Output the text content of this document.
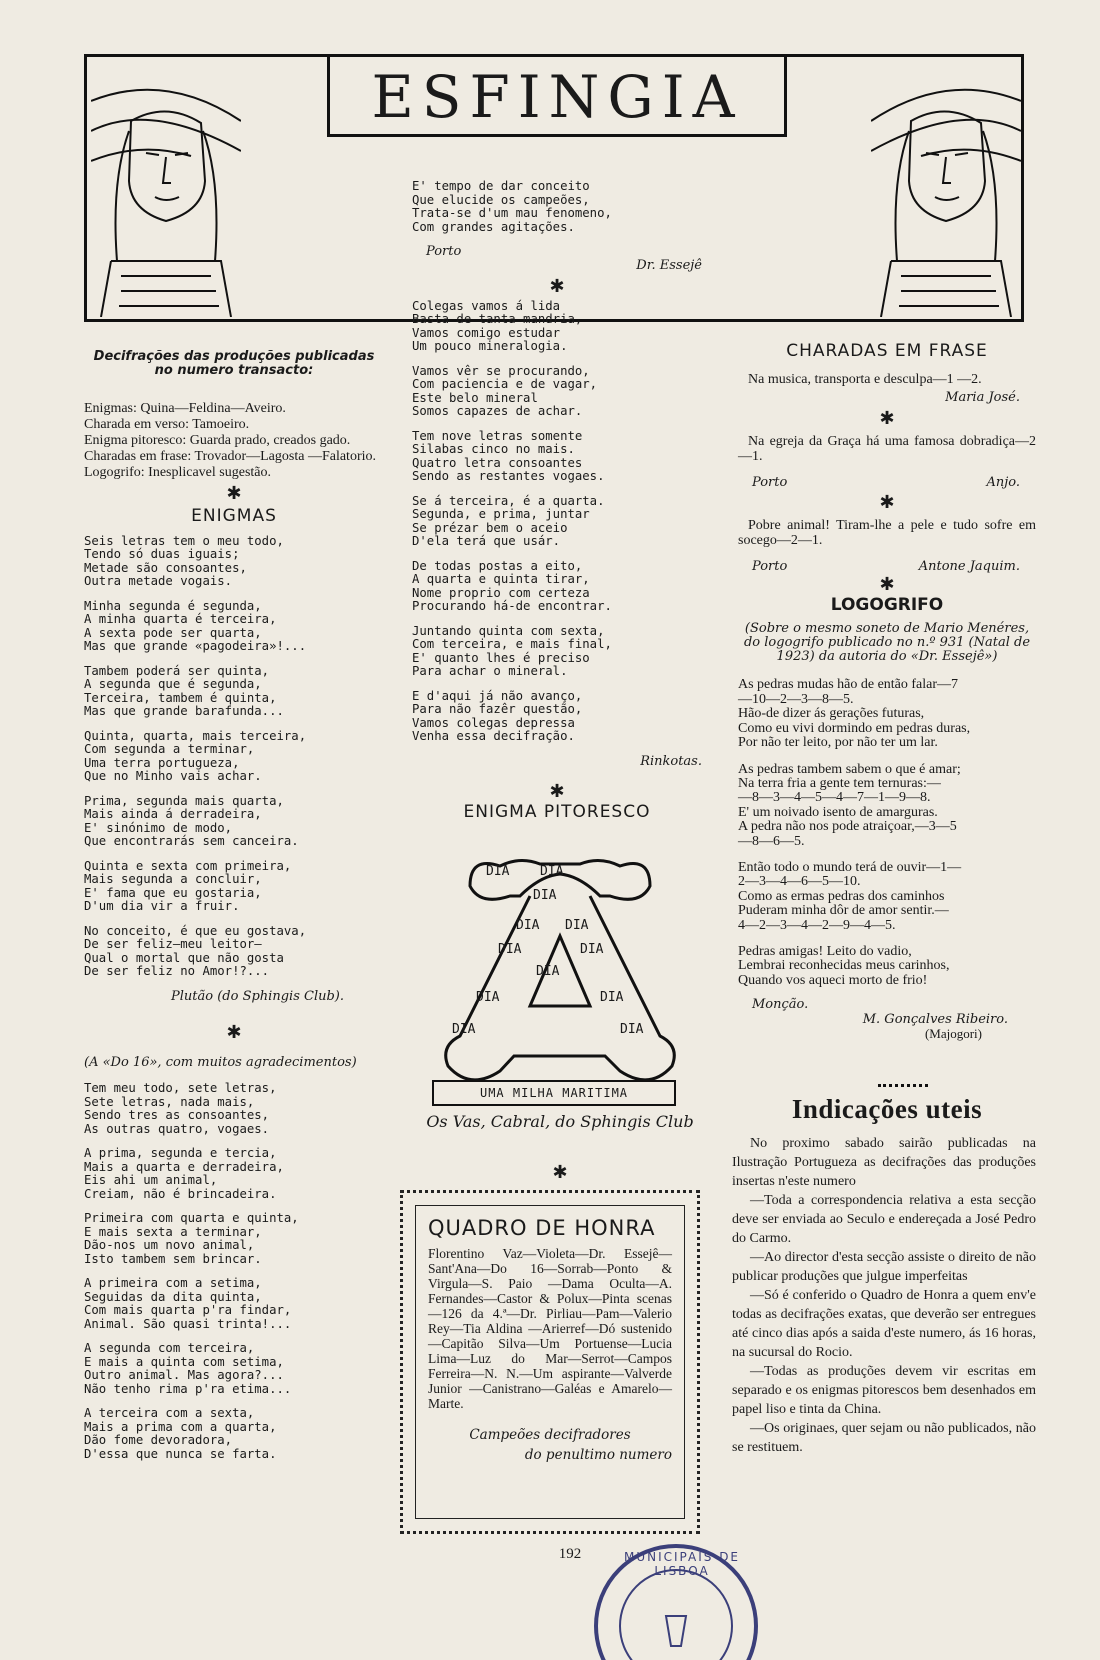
ESFINGIA
Decifrações das produções publicadas no numero transacto:
Enigmas: Quina—Feldina—Aveiro.
Charada em verso: Tamoeiro.
Enigma pitoresco: Guarda prado, creados gado.
Charadas em frase: Trovador—Lagosta —Falatorio.
Logogrifo: Inesplicavel sugestão.
✱
ENIGMAS
Seis letras tem o meu todo,
Tendo só duas iguais;
Metade são consoantes,
Outra metade vogais.
Minha segunda é segunda,
A minha quarta é terceira,
A sexta pode ser quarta,
Mas que grande «pagodeira»!...
Tambem poderá ser quinta,
A segunda que é segunda,
Terceira, tambem é quinta,
Mas que grande barafunda...
Quinta, quarta, mais terceira,
Com segunda a terminar,
Uma terra portugueza,
Que no Minho vais achar.
Prima, segunda mais quarta,
Mais ainda á derradeira,
E' sinónimo de modo,
Que encontrarás sem canceira.
Quinta e sexta com primeira,
Mais segunda a concluir,
E' fama que eu gostaria,
D'um dia vir a fruir.
No conceito, é que eu gostava,
De ser feliz—meu leitor—
Qual o mortal que não gosta
De ser feliz no Amor!?...
Plutão (do Sphingis Club).
✱
(A «Do 16», com muitos agradecimentos)
Tem meu todo, sete letras,
Sete letras, nada mais,
Sendo tres as consoantes,
As outras quatro, vogaes.
A prima, segunda e tercia,
Mais a quarta e derradeira,
Eis ahi um animal,
Creiam, não é brincadeira.
Primeira com quarta e quinta,
E mais sexta a terminar,
Dão-nos um novo animal,
Isto tambem sem brincar.
A primeira com a setima,
Seguidas da dita quinta,
Com mais quarta p'ra findar,
Animal. São quasi trinta!...
A segunda com terceira,
E mais a quinta com setima,
Outro animal. Mas agora?...
Não tenho rima p'ra etima...
A terceira com a sexta,
Mais a prima com a quarta,
Dão fome devoradora,
D'essa que nunca se farta.
E' tempo de dar conceito
Que elucide os campeões,
Trata-se d'um mau fenomeno,
Com grandes agitações.
Porto
Dr. Essejê
✱
Colegas vamos á lida
Basta de tanta mandria,
Vamos comigo estudar
Um pouco mineralogia.
Vamos vêr se procurando,
Com paciencia e de vagar,
Este belo mineral
Somos capazes de achar.
Tem nove letras somente
Silabas cinco no mais.
Quatro letra consoantes
Sendo as restantes vogaes.
Se á terceira, é a quarta.
Segunda, e prima, juntar
Se prézar bem o aceio
D'ela terá que usár.
De todas postas a eito,
A quarta e quinta tirar,
Nome proprio com certeza
Procurando há-de encontrar.
Juntando quinta com sexta,
Com terceira, e mais final,
E' quanto lhes é preciso
Para achar o mineral.
E d'aqui já não avanço,
Para não fazêr questão,
Vamos colegas depressa
Venha essa decifração.
Rinkotas.
✱
ENIGMA PITORESCO
DIA DIA
DIA
DIA DIA
DIA	DIA
DIA
DIA	DIA
DIA	DIA
UMA MILHA MARITIMA
Os Vas, Cabral, do Sphingis Club
✱
QUADRO DE HONRA
Florentino Vaz—Violeta—Dr. Essejê—Sant'Ana—Do 16—Sorrab—Ponto & Virgula—S. Paio —Dama Oculta—A. Fernandes—Castor & Polux—Pinta scenas—126 da 4.ª—Dr. Pirliau—Pam—Valerio Rey—Tia Aldina —Arierref—Dó sustenido—Capitão Silva—Um Portuense—Lucia Lima—Luz do Mar—Serrot—Campos Ferreira—N. N.—Um aspirante—Valverde Junior —Canistrano—Galéas e Amarelo—Marte.
Campeões decifradores
do penultimo numero
192
CHARADAS EM FRASE
Na musica, transporta e desculpa—1 —2.
Maria José.
✱
Na egreja da Graça há uma famosa dobradiça—2—1.
Porto	Anjo.
✱
Pobre animal! Tiram-lhe a pele e tudo sofre em socego—2—1.
Porto	Antone Jaquim.
✱
LOGOGRIFO
(Sobre o mesmo soneto de Mario Menéres, do logogrifo publicado no n.º 931 (Natal de 1923) da autoria do «Dr. Essejê»)
As pedras mudas hão de então falar—7
—10—2—3—8—5.
Hão-de dizer ás gerações futuras,
Como eu vivi dormindo em pedras duras,
Por não ter leito, por não ter um lar.
As pedras tambem sabem o que é amar;
Na terra fria a gente tem ternuras:—
—8—3—4—5—4—7—1—9—8.
E' um noivado isento de amarguras.
A pedra não nos pode atraiçoar,—3—5
—8—6—5.
Então todo o mundo terá de ouvir—1—
2—3—4—6—5—10.
Como as ermas pedras dos caminhos
Puderam minha dôr de amor sentir.—
4—2—3—4—2—9—4—5.
Pedras amigas! Leito do vadio,
Lembrai reconhecidas meus carinhos,
Quando vos aqueci morto de frio!
Monção.
M. Gonçalves Ribeiro.
(Majogori)
Indicações uteis

No proximo sabado sairão publicadas na Ilustração Portugueza as decifrações das produções insertas n'este numero

—Toda a correspondencia relativa a esta secção deve ser enviada ao Seculo e endereçada a José Pedro do Carmo.

—Ao director d'esta secção assiste o direito de não publicar produções que julgue imperfeitas

—Só é conferido o Quadro de Honra a quem env'e todas as decifrações exatas, que deverão ser entregues até cinco dias após a saida d'este numero, ás 16 horas, na sucursal do Rocio.

—Todas as produções devem vir escritas em separado e os enigmas pitorescos bem desenhados em papel liso e tinta da China.

—Os originaes, quer sejam ou não publicados, não se restituem.

MUNICIPAIS DE LISBOA
